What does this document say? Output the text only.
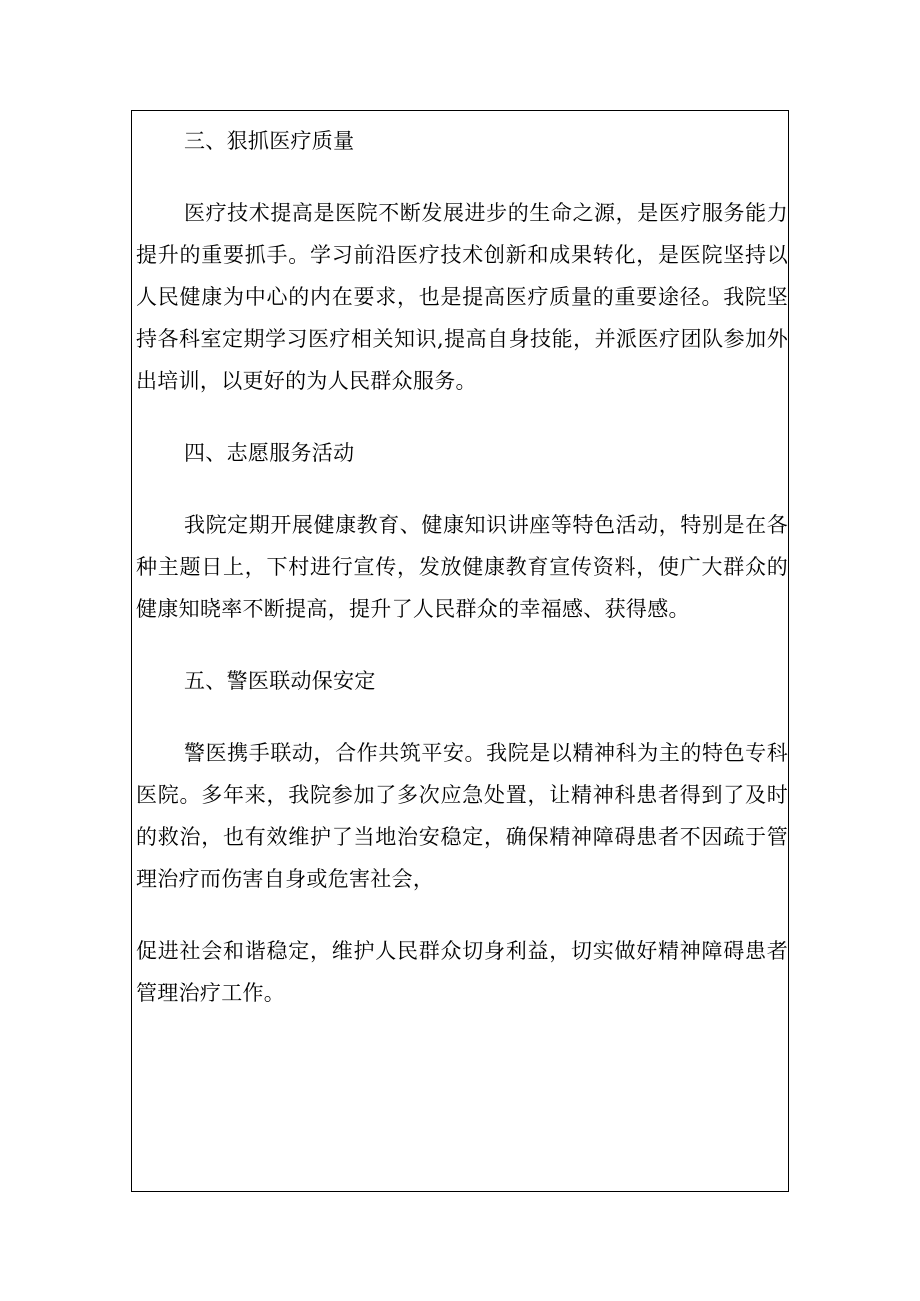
三、狠抓医疗质量

医疗技术提高是医院不断发展进步的生命之源，是医疗服务能力提升的重要抓手。学习前沿医疗技术创新和成果转化，是医院坚持以人民健康为中心的内在要求，也是提高医疗质量的重要途径。我院坚持各科室定期学习医疗相关知识,提高自身技能，并派医疗团队参加外出培训，以更好的为人民群众服务。

四、志愿服务活动

我院定期开展健康教育、健康知识讲座等特色活动，特别是在各种主题日上，下村进行宣传，发放健康教育宣传资料，使广大群众的健康知晓率不断提高，提升了人民群众的幸福感、获得感。

五、警医联动保安定

警医携手联动，合作共筑平安。我院是以精神科为主的特色专科医院。多年来，我院参加了多次应急处置，让精神科患者得到了及时的救治，也有效维护了当地治安稳定，确保精神障碍患者不因疏于管理治疗而伤害自身或危害社会，

促进社会和谐稳定，维护人民群众切身利益，切实做好精神障碍患者管理治疗工作。
